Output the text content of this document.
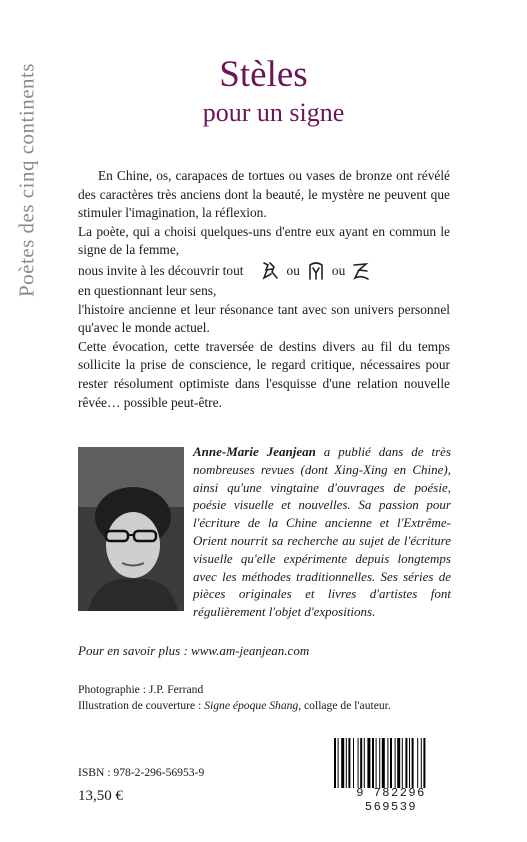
Poètes des cinq continents	Stèles
pour un signe

En Chine, os, carapaces de tortues ou vases de bronze ont révélé des caractères très anciens dont la beauté, le mystère ne peuvent que stimuler l'imagination, la réflexion.

La poète, qui a choisi quelques-uns d'entre eux ayant en commun le signe de la femme,

nous invite à les découvrir tout	ou ou

en questionnant leur sens,

l'histoire ancienne et leur résonance tant avec son univers personnel qu'avec le monde actuel.

Cette évocation, cette traversée de destins divers au fil du temps sollicite la prise de conscience, le regard critique, nécessaires pour rester résolument optimiste dans l'esquisse d'une relation nouvelle rêvée… possible peut-être.

Anne-Marie Jeanjean a publié dans de très nombreuses revues (dont Xing-Xing en Chine), ainsi qu'une vingtaine d'ouvrages de poésie, poésie visuelle et nouvelles. Sa passion pour l'écriture de la Chine ancienne et l'Extrême-Orient nourrit sa recherche au sujet de l'écriture visuelle qu'elle expérimente depuis longtemps avec les méthodes traditionnelles. Ses séries de pièces originales et livres d'artistes font régulièrement l'objet d'expositions.
Pour en savoir plus : www.am-jeanjean.com
Photographie : J.P. Ferrand
Illustration de couverture : Signe époque Shang, collage de l'auteur.
ISBN : 978-2-296-56953-9
13,50 €	9 782296 569539
